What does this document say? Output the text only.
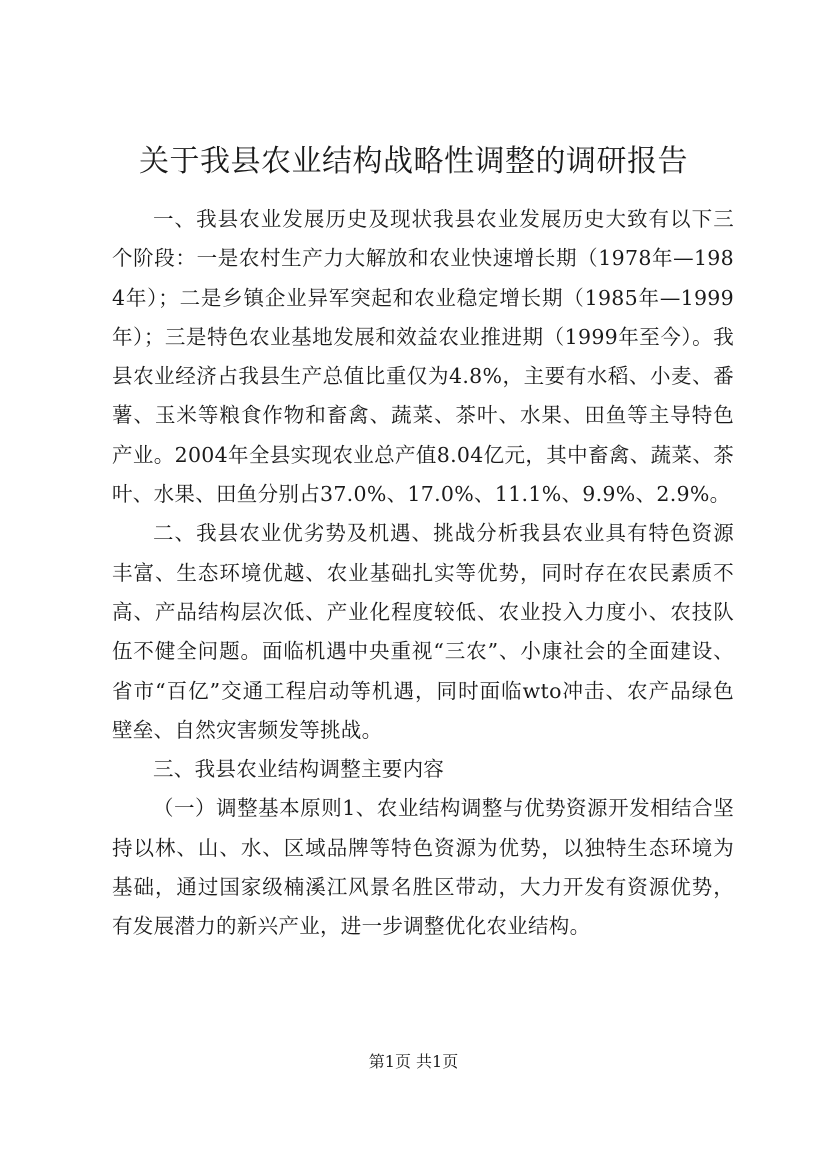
关于我县农业结构战略性调整的调研报告

一、我县农业发展历史及现状我县农业发展历史大致有以下三个阶段：一是农村生产力大解放和农业快速增长期（1978年—1984年）；二是乡镇企业异军突起和农业稳定增长期（1985年—1999年）；三是特色农业基地发展和效益农业推进期（1999年至今）。我县农业经济占我县生产总值比重仅为4.8%，主要有水稻、小麦、番薯、玉米等粮食作物和畜禽、蔬菜、茶叶、水果、田鱼等主导特色产业。2004年全县实现农业总产值8.04亿元，其中畜禽、蔬菜、茶叶、水果、田鱼分别占37.0%、17.0%、11.1%、9.9%、2.9%。

二、我县农业优劣势及机遇、挑战分析我县农业具有特色资源丰富、生态环境优越、农业基础扎实等优势，同时存在农民素质不高、产品结构层次低、产业化程度较低、农业投入力度小、农技队伍不健全问题。面临机遇中央重视“三农”、小康社会的全面建设、省市“百亿”交通工程启动等机遇，同时面临wto冲击、农产品绿色壁垒、自然灾害频发等挑战。

三、我县农业结构调整主要内容

（一）调整基本原则1、农业结构调整与优势资源开发相结合坚持以林、山、水、区域品牌等特色资源为优势，以独特生态环境为基础，通过国家级楠溪江风景名胜区带动，大力开发有资源优势，有发展潜力的新兴产业，进一步调整优化农业结构。

第1页 共1页
